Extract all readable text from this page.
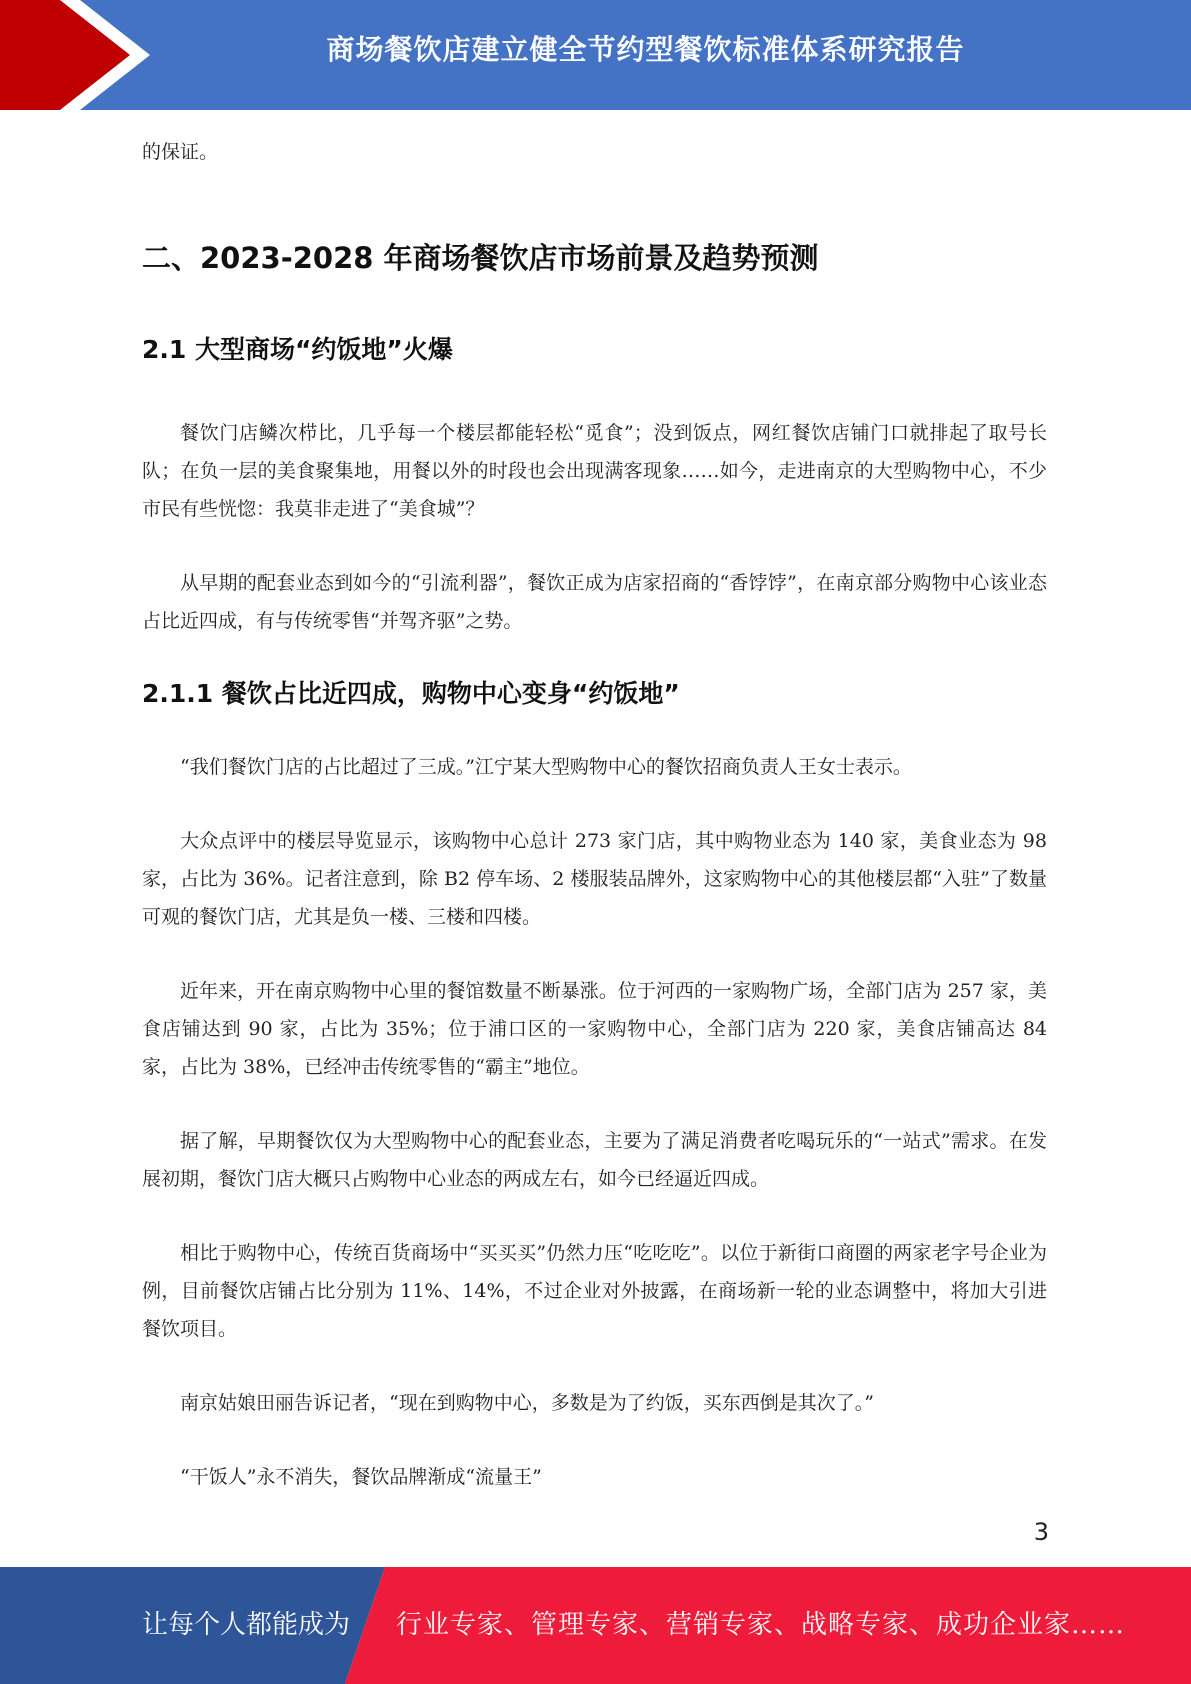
商场餐饮店建立健全节约型餐饮标准体系研究报告

的保证。

二、2023-2028 年商场餐饮店市场前景及趋势预测
2.1 大型商场“约饭地”火爆

餐饮门店鳞次栉比，几乎每一个楼层都能轻松“觅食”；没到饭点，网红餐饮店铺门口就排起了取号长队；在负一层的美食聚集地，用餐以外的时段也会出现满客现象……如今，走进南京的大型购物中心，不少市民有些恍惚：我莫非走进了“美食城”？

从早期的配套业态到如今的“引流利器”，餐饮正成为店家招商的“香饽饽”，在南京部分购物中心该业态占比近四成，有与传统零售“并驾齐驱”之势。

2.1.1 餐饮占比近四成，购物中心变身“约饭地”

“我们餐饮门店的占比超过了三成。”江宁某大型购物中心的餐饮招商负责人王女士表示。

大众点评中的楼层导览显示，该购物中心总计 273 家门店，其中购物业态为 140 家，美食业态为 98 家，占比为 36%。记者注意到，除 B2 停车场、2 楼服装品牌外，这家购物中心的其他楼层都“入驻”了数量可观的餐饮门店，尤其是负一楼、三楼和四楼。

近年来，开在南京购物中心里的餐馆数量不断暴涨。位于河西的一家购物广场，全部门店为 257 家，美食店铺达到 90 家，占比为 35%；位于浦口区的一家购物中心，全部门店为 220 家，美食店铺高达 84 家，占比为 38%，已经冲击传统零售的“霸主”地位。

据了解，早期餐饮仅为大型购物中心的配套业态，主要为了满足消费者吃喝玩乐的“一站式”需求。在发展初期，餐饮门店大概只占购物中心业态的两成左右，如今已经逼近四成。

相比于购物中心，传统百货商场中“买买买”仍然力压“吃吃吃”。以位于新街口商圈的两家老字号企业为例，目前餐饮店铺占比分别为 11%、14%，不过企业对外披露，在商场新一轮的业态调整中，将加大引进餐饮项目。

南京姑娘田丽告诉记者，“现在到购物中心，多数是为了约饭，买东西倒是其次了。”

“干饭人”永不消失，餐饮品牌渐成“流量王”

3
让每个人都能成为 行业专家、管理专家、营销专家、战略专家、成功企业家……
